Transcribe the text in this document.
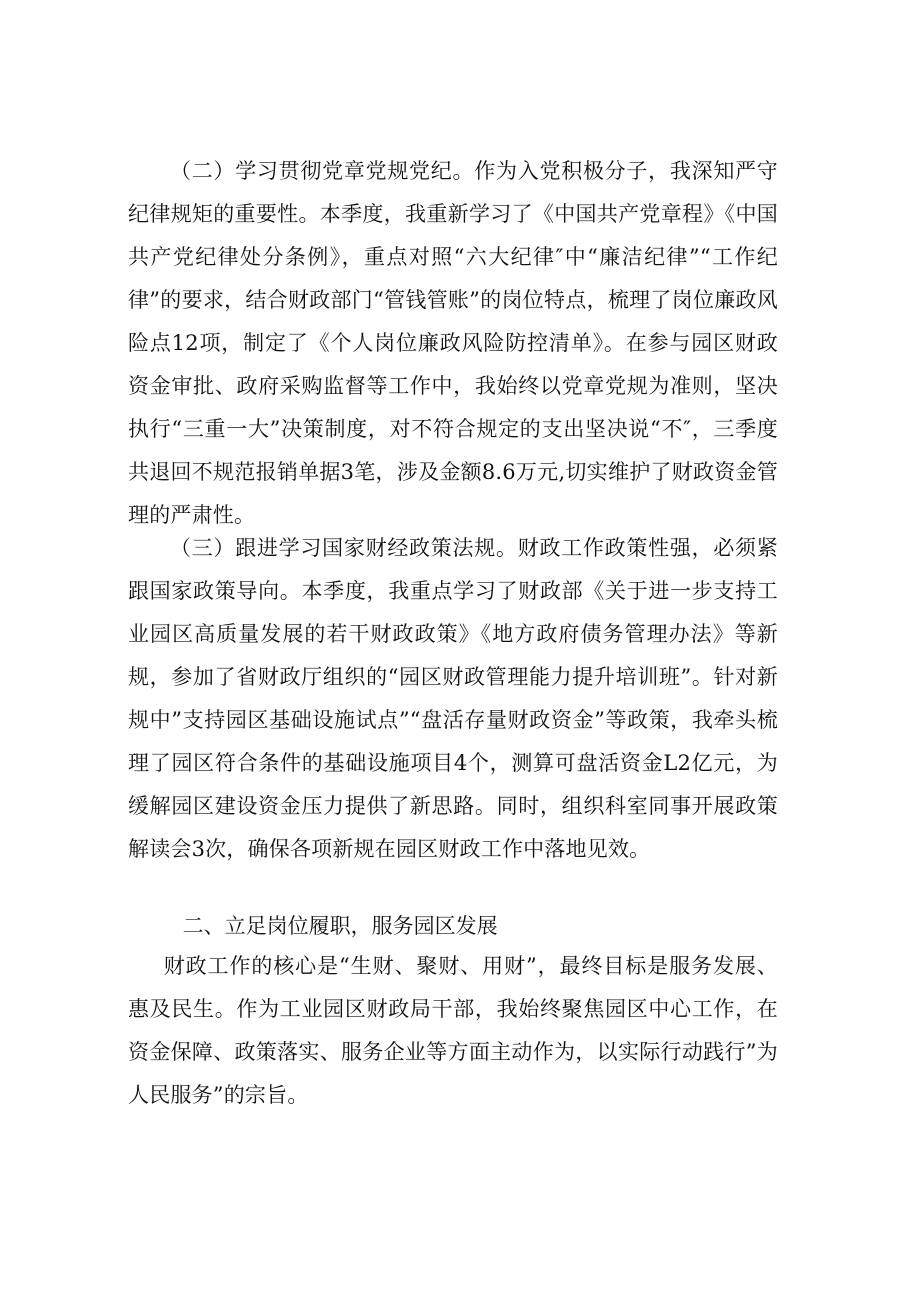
（二）学习贯彻党章党规党纪。作为入党积极分子，我深知严守纪律规矩的重要性。本季度，我重新学习了《中国共产党章程》《中国共产党纪律处分条例》，重点对照“六大纪律″中“廉洁纪律”“工作纪律”的要求，结合财政部门“管钱管账”的岗位特点，梳理了岗位廉政风险点12项，制定了《个人岗位廉政风险防控清单》。在参与园区财政资金审批、政府采购监督等工作中，我始终以党章党规为准则，坚决执行“三重一大”决策制度，对不符合规定的支出坚决说“不″，三季度共退回不规范报销单据3笔，涉及金额8.6万元,切实维护了财政资金管理的严肃性。

（三）跟进学习国家财经政策法规。财政工作政策性强，必须紧跟国家政策导向。本季度，我重点学习了财政部《关于进一步支持工业园区高质量发展的若干财政政策》《地方政府债务管理办法》等新规，参加了省财政厅组织的“园区财政管理能力提升培训班”。针对新规中”支持园区基础设施试点”“盘活存量财政资金”等政策，我牵头梳理了园区符合条件的基础设施项目4个，测算可盘活资金L2亿元，为缓解园区建设资金压力提供了新思路。同时，组织科室同事开展政策解读会3次，确保各项新规在园区财政工作中落地见效。

二、立足岗位履职，服务园区发展

财政工作的核心是“生财、聚财、用财”，最终目标是服务发展、惠及民生。作为工业园区财政局干部，我始终聚焦园区中心工作，在资金保障、政策落实、服务企业等方面主动作为，以实际行动践行”为人民服务”的宗旨。
